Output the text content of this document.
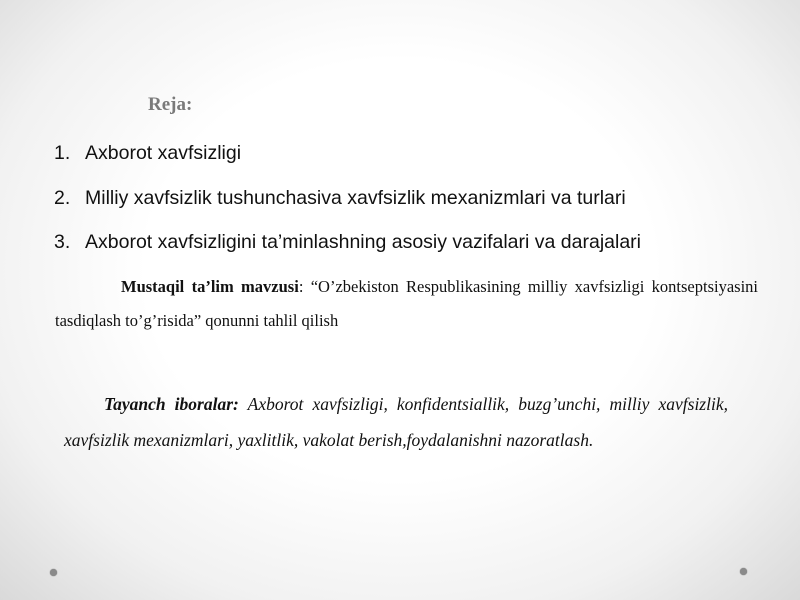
Reja:
1. Axborot xavfsizligi
2. Milliy xavfsizlik tushunchasiva xavfsizlik mexanizmlari va turlari
3. Axborot xavfsizligini ta’minlashning asosiy vazifalari va darajalari

Mustaqil ta’lim mavzusi: “O’zbekiston Respublikasining milliy xavfsizligi kontseptsiyasini tasdiqlash to’g’risida” qonunni tahlil qilish

Tayanch iboralar: Axborot xavfsizligi, konfidentsiallik, buzg’unchi, milliy xavfsizlik, xavfsizlik mexanizmlari, yaxlitlik, vakolat berish,foydalanishni nazoratlash.
